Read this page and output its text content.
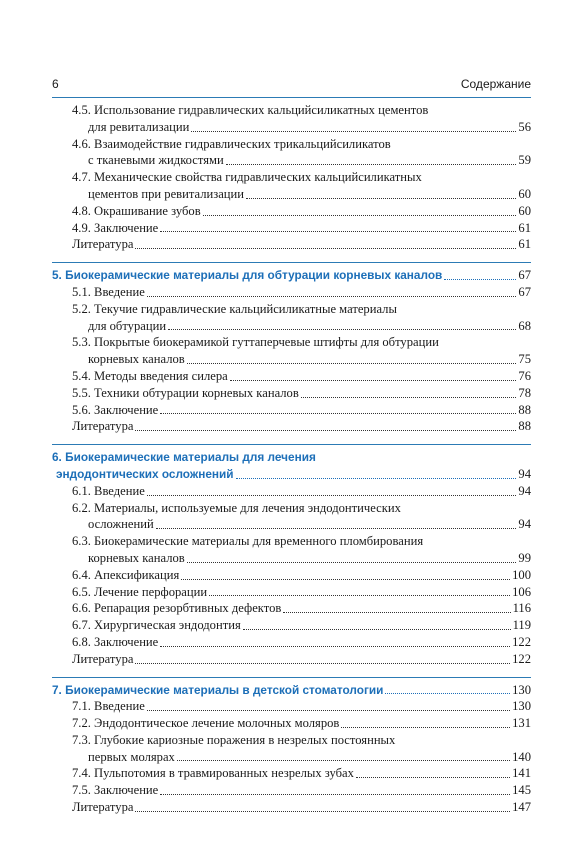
6	Содержание
4.5. Использование гидравлических кальцийсиликатных цементов
для ревитализации	56
4.6. Взаимодействие гидравлических трикальцийсиликатов
с тканевыми жидкостями	59
4.7. Механические свойства гидравлических кальцийсиликатных
цементов при ревитализации	60
4.8. Окрашивание зубов	60
4.9. Заключение	61
Литература	61
5. Биокерамические материалы для обтурации корневых каналов	67
5.1. Введение	67
5.2. Текучие гидравлические кальцийсиликатные материалы
для обтурации	68
5.3. Покрытые биокерамикой гуттаперчевые штифты для обтурации
корневых каналов	75
5.4. Методы введения силера	76
5.5. Техники обтурации корневых каналов	78
5.6. Заключение	88
Литература	88
6. Биокерамические материалы для лечения
эндодонтических осложнений	94
6.1. Введение	94
6.2. Материалы, используемые для лечения эндодонтических
осложнений	94
6.3. Биокерамические материалы для временного пломбирования
корневых каналов	99
6.4. Апексификация	100
6.5. Лечение перфорации	106
6.6. Репарация резорбтивных дефектов	116
6.7. Хирургическая эндодонтия	119
6.8. Заключение	122
Литература	122
7. Биокерамические материалы в детской стоматологии	130
7.1. Введение	130
7.2. Эндодонтическое лечение молочных моляров	131
7.3. Глубокие кариозные поражения в незрелых постоянных
первых молярах	140
7.4. Пульпотомия в травмированных незрелых зубах	141
7.5. Заключение	145
Литература	147
